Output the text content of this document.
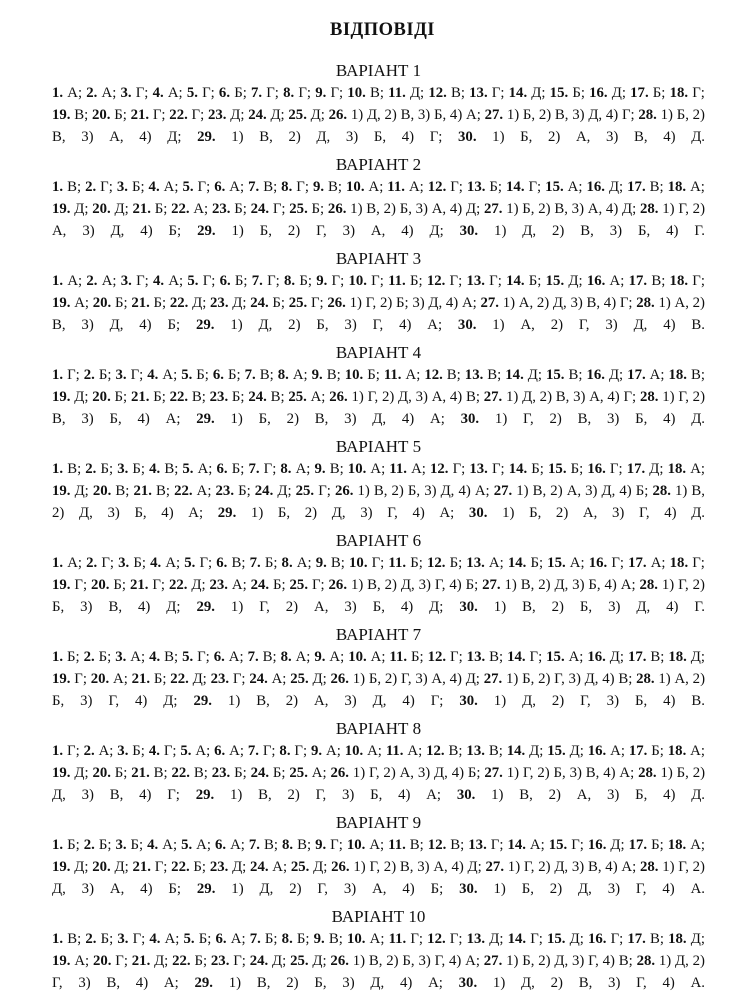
ВІДПОВІДІ
ВАРІАНТ 1

1. А; 2. А; 3. Г; 4. А; 5. Г; 6. Б; 7. Г; 8. Г; 9. Г; 10. В; 11. Д; 12. В; 13. Г; 14. Д; 15. Б; 16. Д; 17. Б; 18. Г; 19. В; 20. Б; 21. Г; 22. Г; 23. Д; 24. Д; 25. Д; 26. 1) Д, 2) В, 3) Б, 4) А; 27. 1) Б, 2) В, 3) Д, 4) Г; 28. 1) Б, 2) В, 3) А, 4) Д; 29. 1) В, 2) Д, 3) Б, 4) Г; 30. 1) Б, 2) А, 3) В, 4) Д.

ВАРІАНТ 2

1. В; 2. Г; 3. Б; 4. А; 5. Г; 6. А; 7. В; 8. Г; 9. В; 10. А; 11. А; 12. Г; 13. Б; 14. Г; 15. А; 16. Д; 17. В; 18. А; 19. Д; 20. Д; 21. Б; 22. А; 23. Б; 24. Г; 25. Б; 26. 1) В, 2) Б, 3) А, 4) Д; 27. 1) Б, 2) В, 3) А, 4) Д; 28. 1) Г, 2) А, 3) Д, 4) Б; 29. 1) Б, 2) Г, 3) А, 4) Д; 30. 1) Д, 2) В, 3) Б, 4) Г.

ВАРІАНТ 3

1. А; 2. А; 3. Г; 4. А; 5. Г; 6. Б; 7. Г; 8. Б; 9. Г; 10. Г; 11. Б; 12. Г; 13. Г; 14. Б; 15. Д; 16. А; 17. В; 18. Г; 19. А; 20. Б; 21. Б; 22. Д; 23. Д; 24. Б; 25. Г; 26. 1) Г, 2) Б; 3) Д, 4) А; 27. 1) А, 2) Д, 3) В, 4) Г; 28. 1) А, 2) В, 3) Д, 4) Б; 29. 1) Д, 2) Б, 3) Г, 4) А; 30. 1) А, 2) Г, 3) Д, 4) В.

ВАРІАНТ 4

1. Г; 2. Б; 3. Г; 4. А; 5. Б; 6. Б; 7. В; 8. А; 9. В; 10. Б; 11. А; 12. В; 13. В; 14. Д; 15. В; 16. Д; 17. А; 18. В; 19. Д; 20. Б; 21. Б; 22. В; 23. Б; 24. В; 25. А; 26. 1) Г, 2) Д, 3) А, 4) В; 27. 1) Д, 2) В, 3) А, 4) Г; 28. 1) Г, 2) В, 3) Б, 4) А; 29. 1) Б, 2) В, 3) Д, 4) А; 30. 1) Г, 2) В, 3) Б, 4) Д.

ВАРІАНТ 5

1. В; 2. Б; 3. Б; 4. В; 5. А; 6. Б; 7. Г; 8. А; 9. В; 10. А; 11. А; 12. Г; 13. Г; 14. Б; 15. Б; 16. Г; 17. Д; 18. А; 19. Д; 20. В; 21. В; 22. А; 23. Б; 24. Д; 25. Г; 26. 1) В, 2) Б, 3) Д, 4) А; 27. 1) В, 2) А, 3) Д, 4) Б; 28. 1) В, 2) Д, 3) Б, 4) А; 29. 1) Б, 2) Д, 3) Г, 4) А; 30. 1) Б, 2) А, 3) Г, 4) Д.

ВАРІАНТ 6

1. А; 2. Г; 3. Б; 4. А; 5. Г; 6. В; 7. Б; 8. А; 9. В; 10. Г; 11. Б; 12. Б; 13. А; 14. Б; 15. А; 16. Г; 17. А; 18. Г; 19. Г; 20. Б; 21. Г; 22. Д; 23. А; 24. Б; 25. Г; 26. 1) В, 2) Д, 3) Г, 4) Б; 27. 1) В, 2) Д, 3) Б, 4) А; 28. 1) Г, 2) Б, 3) В, 4) Д; 29. 1) Г, 2) А, 3) Б, 4) Д; 30. 1) В, 2) Б, 3) Д, 4) Г.

ВАРІАНТ 7

1. Б; 2. Б; 3. А; 4. В; 5. Г; 6. А; 7. В; 8. А; 9. А; 10. А; 11. Б; 12. Г; 13. В; 14. Г; 15. А; 16. Д; 17. В; 18. Д; 19. Г; 20. А; 21. Б; 22. Д; 23. Г; 24. А; 25. Д; 26. 1) Б, 2) Г, 3) А, 4) Д; 27. 1) Б, 2) Г, 3) Д, 4) В; 28. 1) А, 2) Б, 3) Г, 4) Д; 29. 1) В, 2) А, 3) Д, 4) Г; 30. 1) Д, 2) Г, 3) Б, 4) В.

ВАРІАНТ 8

1. Г; 2. А; 3. Б; 4. Г; 5. А; 6. А; 7. Г; 8. Г; 9. А; 10. А; 11. А; 12. В; 13. В; 14. Д; 15. Д; 16. А; 17. Б; 18. А; 19. Д; 20. Б; 21. В; 22. В; 23. Б; 24. Б; 25. А; 26. 1) Г, 2) А, 3) Д, 4) Б; 27. 1) Г, 2) Б, 3) В, 4) А; 28. 1) Б, 2) Д, 3) В, 4) Г; 29. 1) В, 2) Г, 3) Б, 4) А; 30. 1) В, 2) А, 3) Б, 4) Д.

ВАРІАНТ 9

1. Б; 2. Б; 3. Б; 4. А; 5. А; 6. А; 7. В; 8. В; 9. Г; 10. А; 11. В; 12. В; 13. Г; 14. А; 15. Г; 16. Д; 17. Б; 18. А; 19. Д; 20. Д; 21. Г; 22. Б; 23. Д; 24. А; 25. Д; 26. 1) Г, 2) В, 3) А, 4) Д; 27. 1) Г, 2) Д, 3) В, 4) А; 28. 1) Г, 2) Д, 3) А, 4) Б; 29. 1) Д, 2) Г, 3) А, 4) Б; 30. 1) Б, 2) Д, 3) Г, 4) А.

ВАРІАНТ 10

1. В; 2. Б; 3. Г; 4. А; 5. Б; 6. А; 7. Б; 8. Б; 9. В; 10. А; 11. Г; 12. Г; 13. Д; 14. Г; 15. Д; 16. Г; 17. В; 18. Д; 19. А; 20. Г; 21. Д; 22. Б; 23. Г; 24. Д; 25. Д; 26. 1) В, 2) Б, 3) Г, 4) А; 27. 1) Б, 2) Д, 3) Г, 4) В; 28. 1) Д, 2) Г, 3) В, 4) А; 29. 1) В, 2) Б, 3) Д, 4) А; 30. 1) Д, 2) В, 3) Г, 4) А.
